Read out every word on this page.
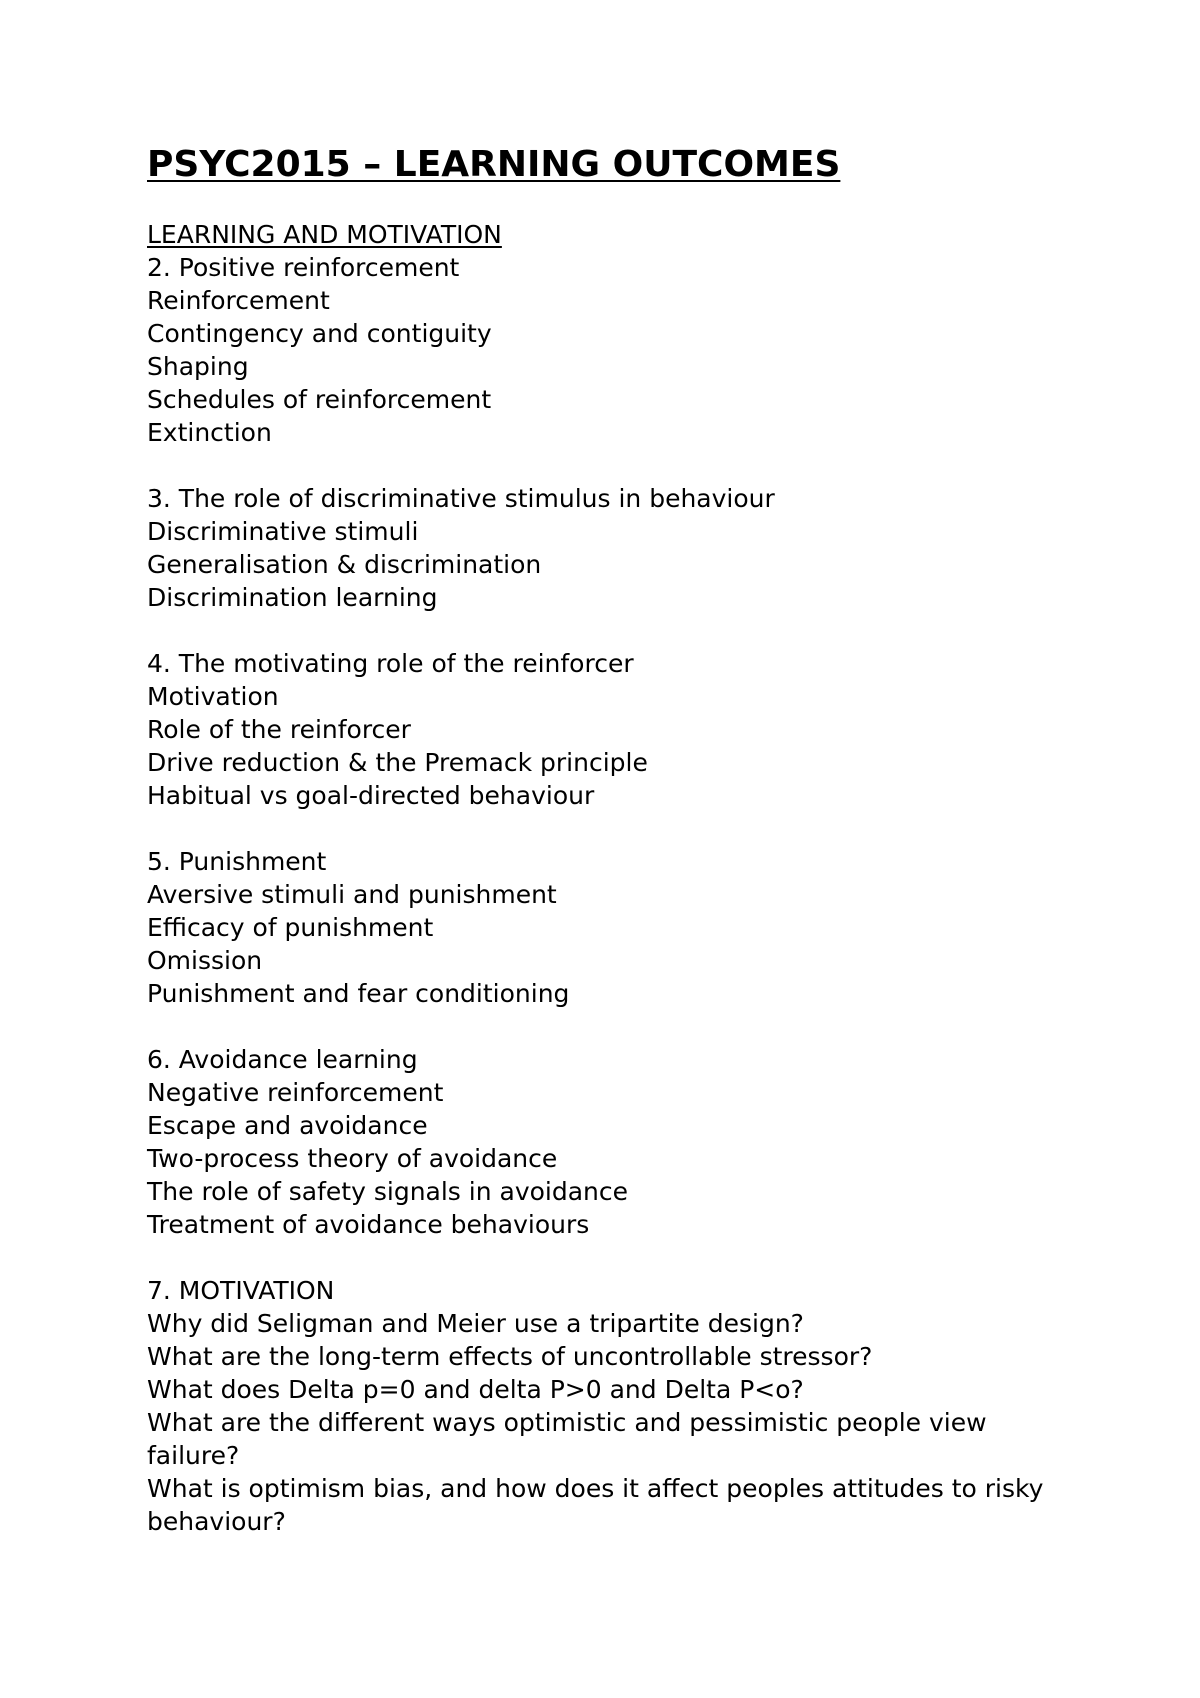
PSYC2015 – LEARNING OUTCOMES
LEARNING AND MOTIVATION
2. Positive reinforcement
Reinforcement
Contingency and contiguity
Shaping
Schedules of reinforcement
Extinction
3. The role of discriminative stimulus in behaviour
Discriminative stimuli
Generalisation & discrimination
Discrimination learning
4. The motivating role of the reinforcer
Motivation
Role of the reinforcer
Drive reduction & the Premack principle
Habitual vs goal-directed behaviour
5. Punishment
Aversive stimuli and punishment
Efficacy of punishment
Omission
Punishment and fear conditioning
6. Avoidance learning
Negative reinforcement
Escape and avoidance
Two-process theory of avoidance
The role of safety signals in avoidance
Treatment of avoidance behaviours
7. MOTIVATION
Why did Seligman and Meier use a tripartite design?
What are the long-term effects of uncontrollable stressor?
What does Delta p=0 and delta P>0 and Delta P<o?
What are the different ways optimistic and pessimistic people view failure?
What is optimism bias, and how does it affect peoples attitudes to risky behaviour?
